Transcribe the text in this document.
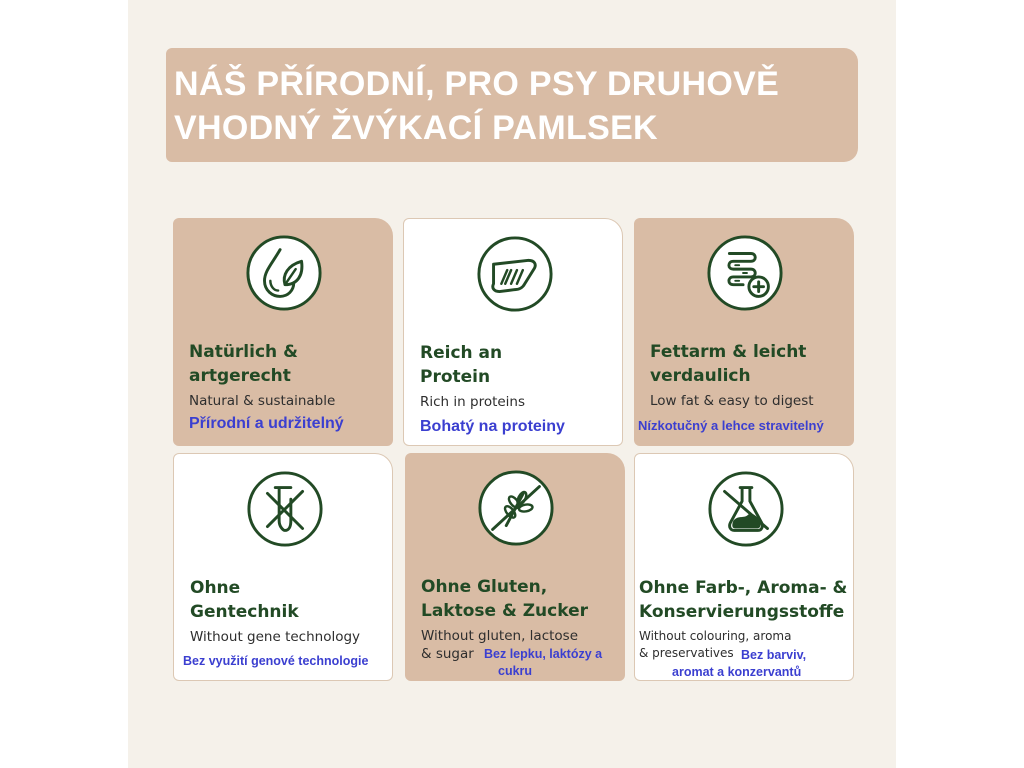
NÁŠ PŘÍRODNÍ, PRO PSY DRUHOVĚ
VHODNÝ ŽVÝKACÍ PAMLSEK
Natürlich &
artgerecht
Natural & sustainable
Přírodní a udržitelný
Reich an
Protein
Rich in proteins
Bohatý na proteiny
Fettarm & leicht
verdaulich
Low fat & easy to digest
Nízkotučný a lehce stravitelný
Ohne
Gentechnik
Without gene technology
Bez využití genové technologie
Ohne Gluten,
Laktose & Zucker
Without gluten, lactose
& sugar Bez lepku, laktózy a
cukru
Ohne Farb-, Aroma- &
Konservierungsstoffe
Without colouring, aroma
& preservatives Bez barviv,
aromat a konzervantů
